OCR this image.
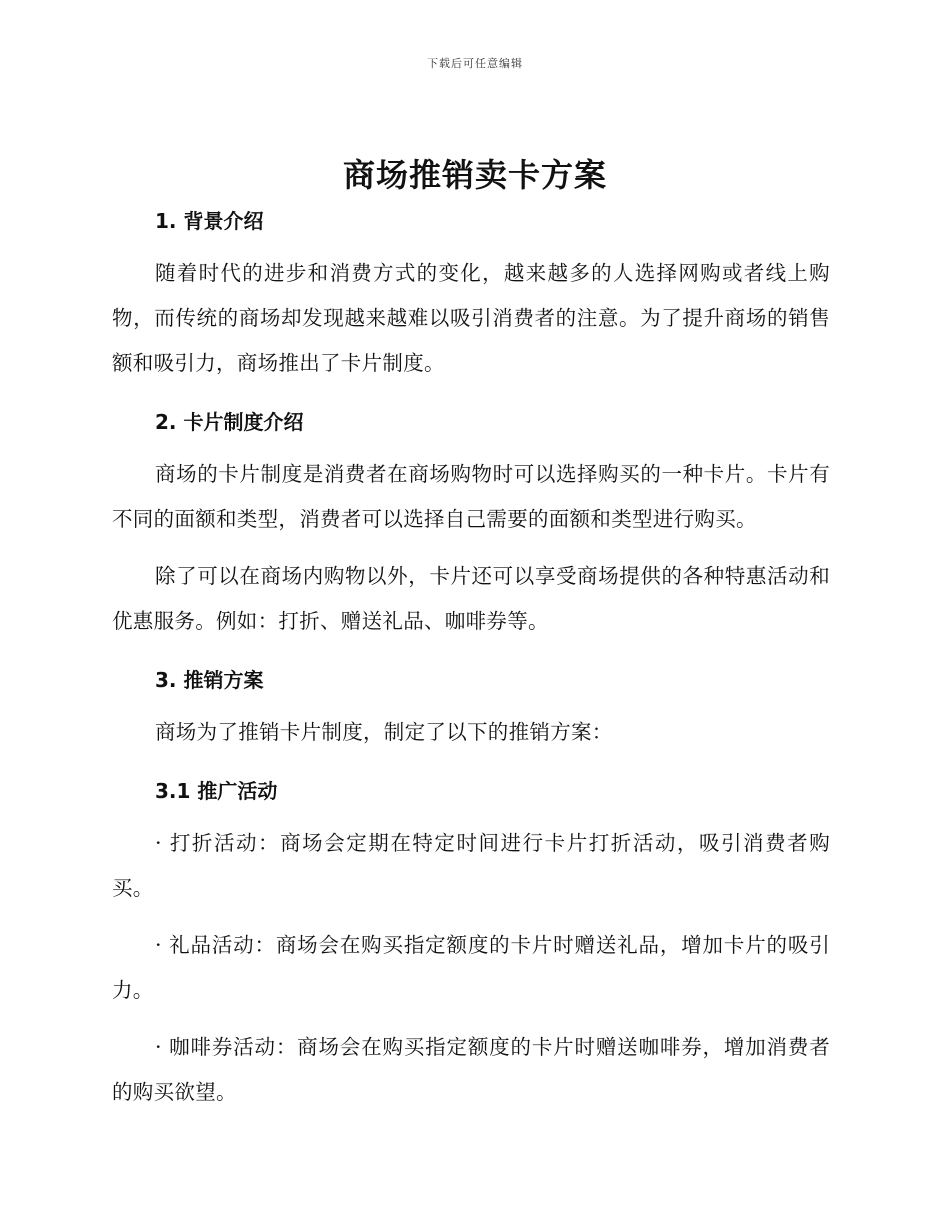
下载后可任意编辑
商场推销卖卡方案
1. 背景介绍

随着时代的进步和消费方式的变化，越来越多的人选择网购或者线上购物，而传统的商场却发现越来越难以吸引消费者的注意。为了提升商场的销售额和吸引力，商场推出了卡片制度。

2. 卡片制度介绍

商场的卡片制度是消费者在商场购物时可以选择购买的一种卡片。卡片有不同的面额和类型，消费者可以选择自己需要的面额和类型进行购买。

除了可以在商场内购物以外，卡片还可以享受商场提供的各种特惠活动和优惠服务。例如：打折、赠送礼品、咖啡券等。

3. 推销方案

商场为了推销卡片制度，制定了以下的推销方案：

3.1 推广活动

· 打折活动：商场会定期在特定时间进行卡片打折活动，吸引消费者购买。

· 礼品活动：商场会在购买指定额度的卡片时赠送礼品，增加卡片的吸引力。

· 咖啡券活动：商场会在购买指定额度的卡片时赠送咖啡券，增加消费者的购买欲望。
